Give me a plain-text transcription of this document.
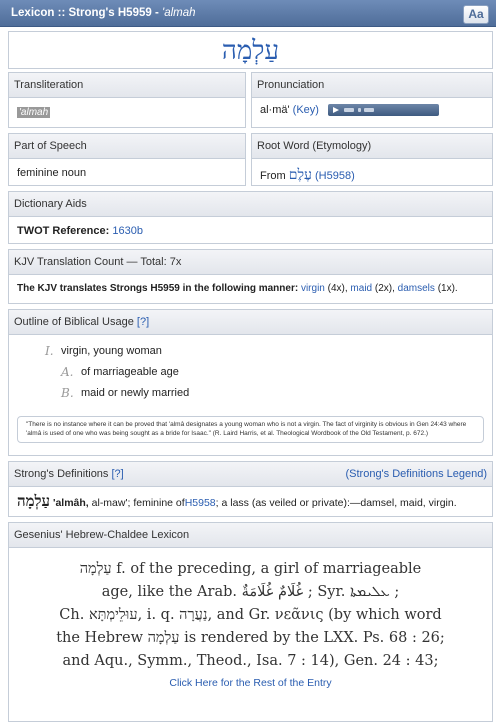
Lexicon :: Strong's H5959 - 'almah	Aa
עַלְמָה
Transliteration
'almah
Pronunciation
al·mä' (Key)
Part of Speech
feminine noun
Root Word (Etymology)
From עֶלֶם (H5958)
Dictionary Aids
TWOT Reference: 1630b
KJV Translation Count — Total: 7x
The KJV translates Strongs H5959 in the following manner: virgin (4x), maid (2x), damsels (1x).
Outline of Biblical Usage [?]
I. virgin, young woman
A. of marriageable age
B. maid or newly married
"There is no instance where it can be proved that 'almâ designates a young woman who is not a virgin. The fact of virginity is obvious in Gen 24:43 where 'almâ is used of one who was being sought as a bride for Isaac." (R. Laird Harris, et al. Theological Wordbook of the Old Testament, p. 672.)
Strong's Definitions [?]	(Strong's Definitions Legend)
עַלְמָה 'almâh, al-maw'; feminine ofH5958; a lass (as veiled or private):—damsel, maid, virgin.
Gesenius' Hebrew-Chaldee Lexicon
עַלְמָה f. of the preceding, a girl of marriageable
age, like the Arab. غُلَامٌ غُلَامَةٌ ; Syr. ܥܠܝܡܬܐ ;
Ch. עוּלֵימְתָּא, i. q. נַעֲרָה, and Gr. νεᾶνις (by which word
the Hebrew עַלְמָה is rendered by the LXX. Ps. 68 : 26;
and Aqu., Symm., Theod., Isa. 7 : 14), Gen. 24 : 43;
Click Here for the Rest of the Entry
